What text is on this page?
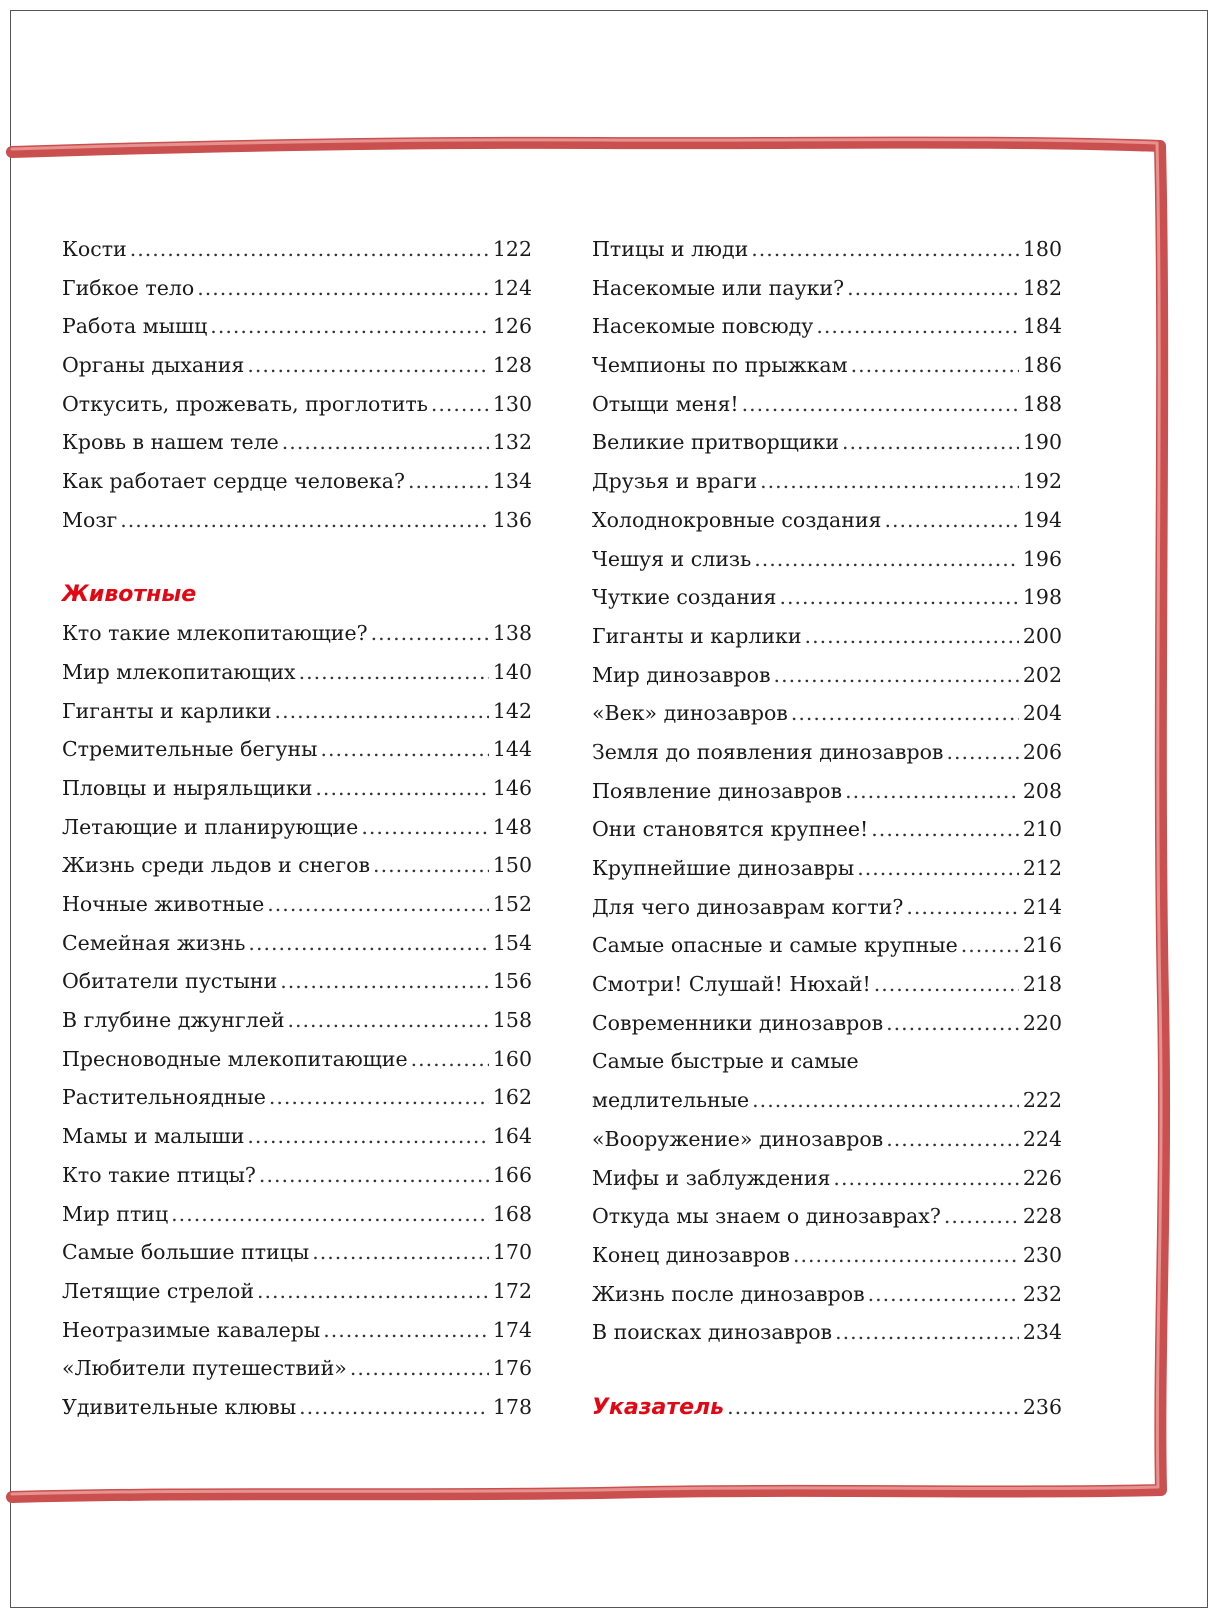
Кости .....	122
Гибкое тело .....	124
Работа мышц .....	126
Органы дыхания .....	128
Откусить, прожевать, проглотить .....	130
Кровь в нашем теле .....	132
Как работает сердце человека? .....	134
Мозг .....	136
Животные
Кто такие млекопитающие? .....	138
Мир млекопитающих .....	140
Гиганты и карлики .....	142
Стремительные бегуны .....	144
Пловцы и ныряльщики .....	146
Летающие и планирующие .....	148
Жизнь среди льдов и снегов .....	150
Ночные животные .....	152
Семейная жизнь .....	154
Обитатели пустыни .....	156
В глубине джунглей .....	158
Пресноводные млекопитающие .....	160
Растительноядные .....	162
Мамы и малыши .....	164
Кто такие птицы? .....	166
Мир птиц .....	168
Самые большие птицы .....	170
Летящие стрелой .....	172
Неотразимые кавалеры .....	174
«Любители путешествий» .....	176
Удивительные клювы .....	178
Птицы и люди .....	180
Насекомые или пауки? .....	182
Насекомые повсюду .....	184
Чемпионы по прыжкам .....	186
Отыщи меня! .....	188
Великие притворщики .....	190
Друзья и враги .....	192
Холоднокровные создания .....	194
Чешуя и слизь .....	196
Чуткие создания .....	198
Гиганты и карлики .....	200
Мир динозавров .....	202
«Век» динозавров .....	204
Земля до появления динозавров .....	206
Появление динозавров .....	208
Они становятся крупнее! .....	210
Крупнейшие динозавры .....	212
Для чего динозаврам когти? .....	214
Самые опасные и самые крупные .....	216
Смотри! Слушай! Нюхай! .....	218
Современники динозавров .....	220
Самые быстрые и самые
медлительные .....	222
«Вооружение» динозавров .....	224
Мифы и заблуждения .....	226
Откуда мы знаем о динозаврах? .....	228
Конец динозавров .....	230
Жизнь после динозавров .....	232
В поисках динозавров .....	234
Указатель .....	236
